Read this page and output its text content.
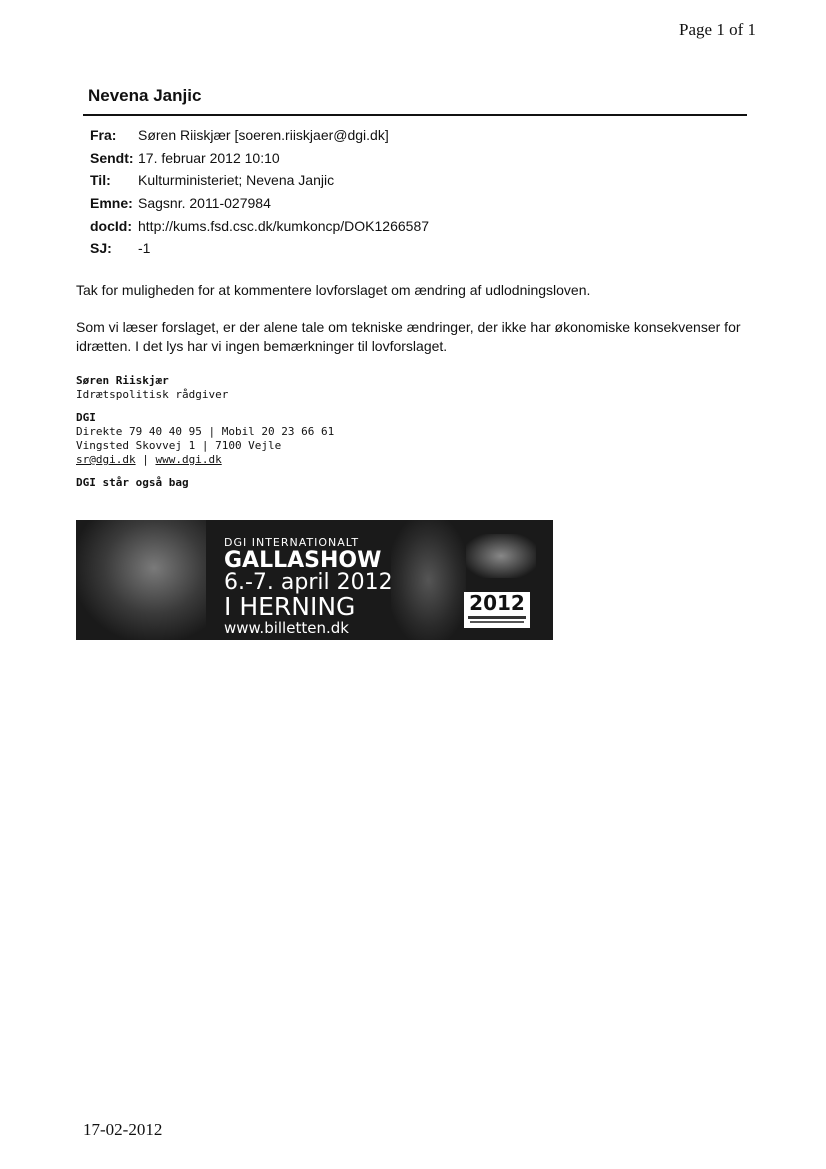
Page 1 of 1
Nevena Janjic
Fra:	Søren Riiskjær [soeren.riiskjaer@dgi.dk]
Sendt: 17. februar 2012 10:10
Til:	Kulturministeriet; Nevena Janjic
Emne: Sagsnr. 2011-027984
docId: http://kums.fsd.csc.dk/kumkoncp/DOK1266587
SJ:	-1

Tak for muligheden for at kommentere lovforslaget om ændring af udlodningsloven.

Som vi læser forslaget, er der alene tale om tekniske ændringer, der ikke har økonomiske konsekvenser for idrætten. I det lys har vi ingen bemærkninger til lovforslaget.

Søren Riiskjær
Idrætspolitisk rådgiver
DGI
Direkte 79 40 40 95 | Mobil 20 23 66 61
Vingsted Skovvej 1 | 7100 Vejle
sr@dgi.dk | www.dgi.dk
DGI står også bag
DGI INTERNATIONALT
GALLASHOW
6.-7. april 2012
I HERNING
www.billetten.dk
2012
17-02-2012
